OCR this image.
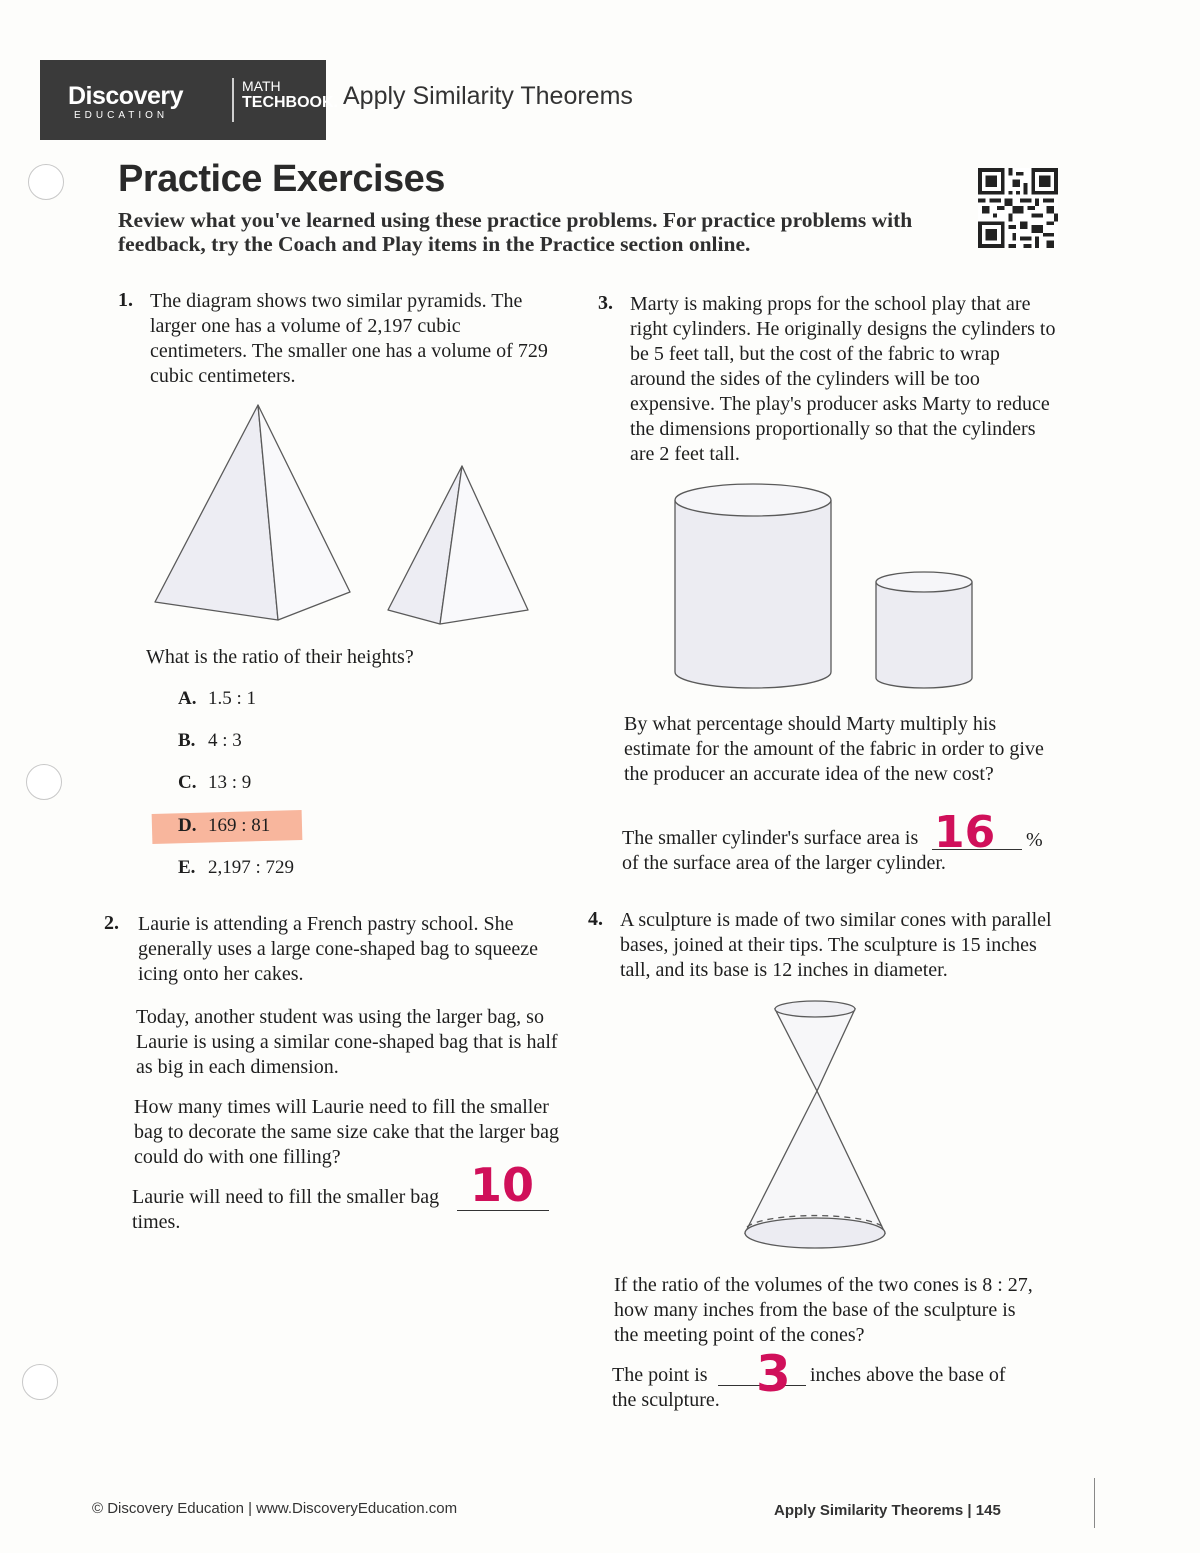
Discovery
EDUCATION
MATH
TECHBOOK. Apply Similarity Theorems
Practice Exercises
Review what you've learned using these practice problems. For practice problems with feedback, try the Coach and Play items in the Practice section online.
1. The diagram shows two similar pyramids. The larger one has a volume of 2,197 cubic centimeters. The smaller one has a volume of 729 cubic centimeters.
What is the ratio of their heights?
A. 1.5 : 1
B. 4 : 3
C. 13 : 9
D. 169 : 81
E. 2,197 : 729
2. Laurie is attending a French pastry school. She generally uses a large cone-shaped bag to squeeze icing onto her cakes.
Today, another student was using the larger bag, so Laurie is using a similar cone-shaped bag that is half as big in each dimension.
How many times will Laurie need to fill the smaller bag to decorate the same size cake that the larger bag could do with one filling?
Laurie will need to fill the smaller bag 10
times.
3. Marty is making props for the school play that are right cylinders. He originally designs the cylinders to be 5 feet tall, but the cost of the fabric to wrap around the sides of the cylinders will be too expensive. The play's producer asks Marty to reduce the dimensions proportionally so that the cylinders are 2 feet tall.
By what percentage should Marty multiply his estimate for the amount of the fabric in order to give the producer an accurate idea of the new cost?
The smaller cylinder's surface area is 16 %
of the surface area of the larger cylinder.
4. A sculpture is made of two similar cones with parallel bases, joined at their tips. The sculpture is 15 inches tall, and its base is 12 inches in diameter.
If the ratio of the volumes of the two cones is 8 : 27, how many inches from the base of the sculpture is the meeting point of the cones?
The point is 3 inches above the base of
the sculpture.
© Discovery Education | www.DiscoveryEducation.com	Apply Similarity Theorems | 145
